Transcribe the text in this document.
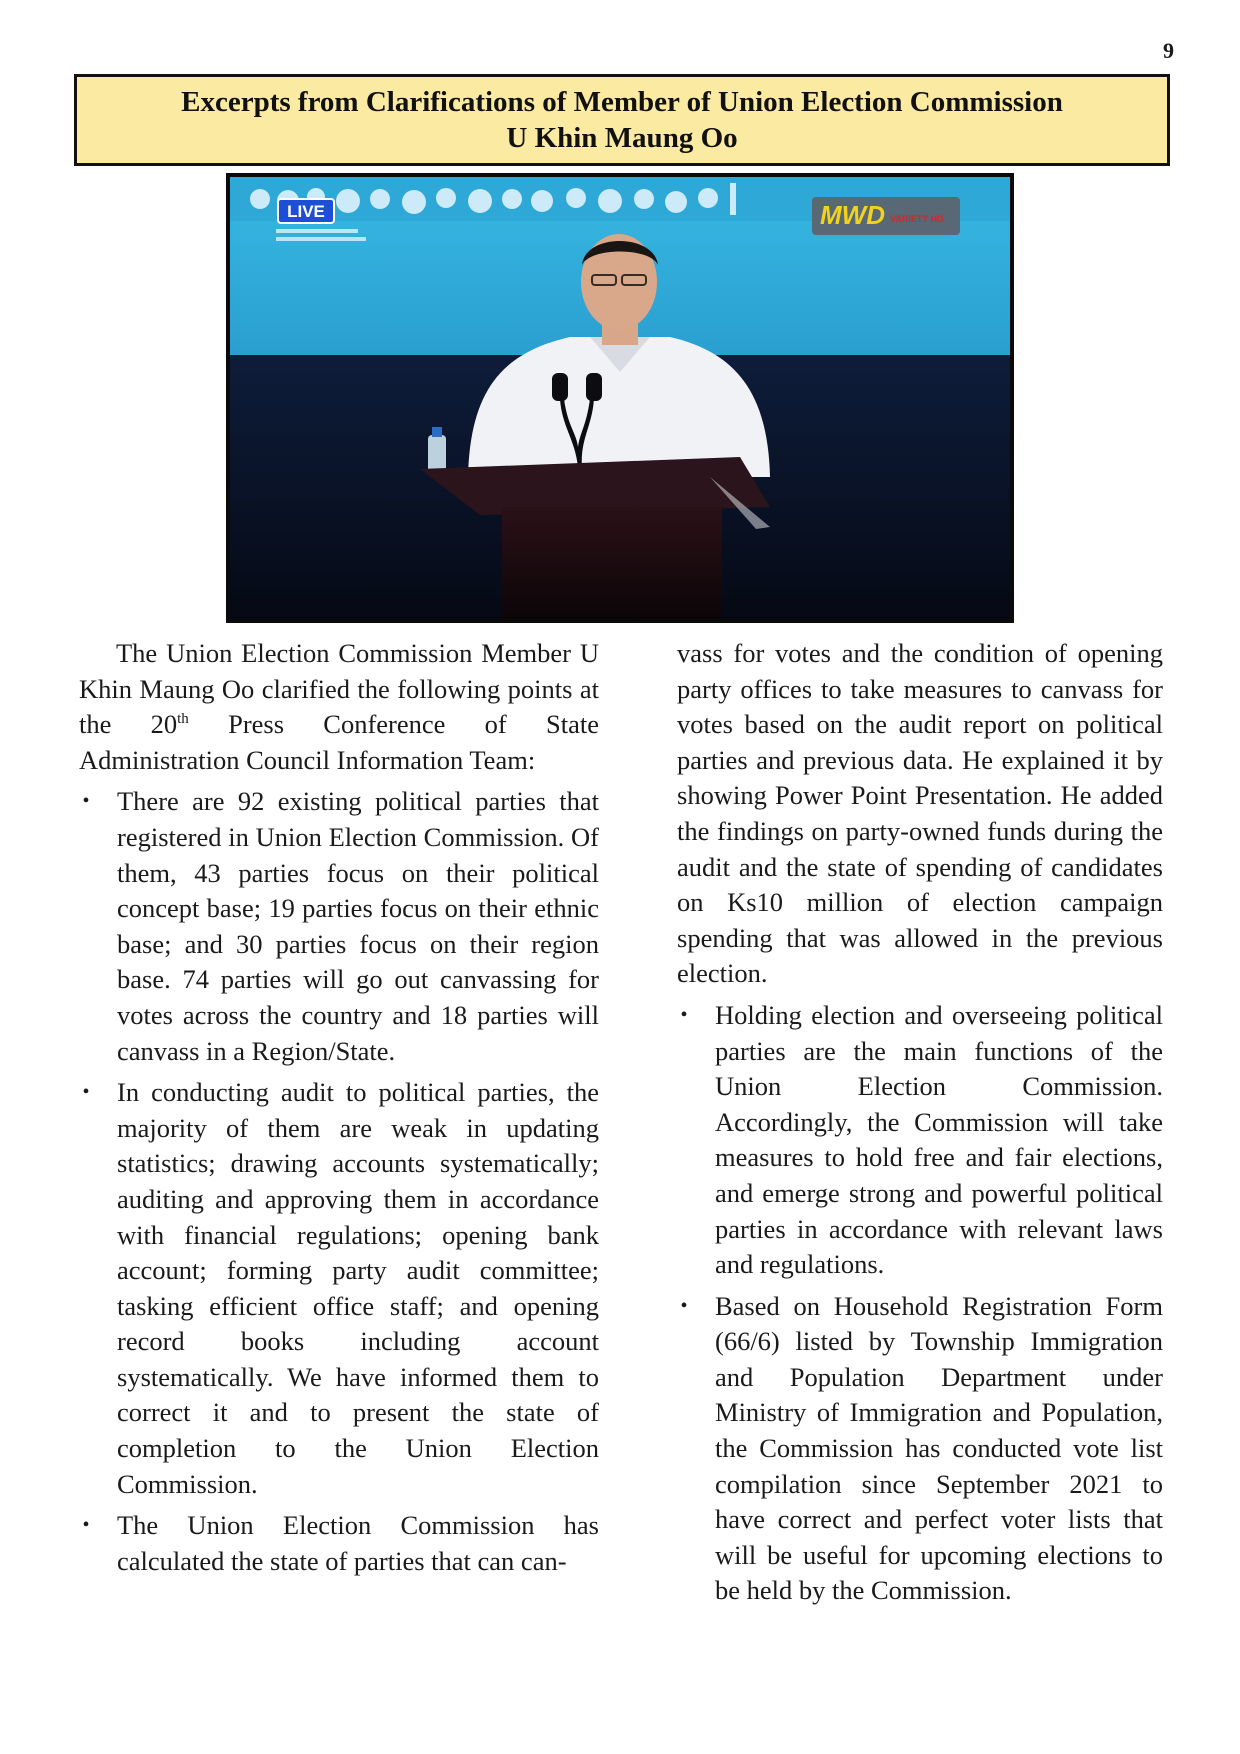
9
Excerpts from Clarifications of Member of Union Election Commission
U Khin Maung Oo
LIVE	MWD VARIETY HD

The Union Election Commission Member U Khin Maung Oo clarified the following points at the 20th Press Conference of State Administration Council Information Team:

• There are 92 existing political parties that registered in Union Election Commission. Of them, 43 parties focus on their political concept base; 19 parties focus on their ethnic base; and 30 parties focus on their region base. 74 parties will go out canvassing for votes across the country and 18 parties will canvass in a Region/State.
• In conducting audit to political parties, the majority of them are weak in updating statistics; drawing accounts systematically; auditing and approving them in accordance with financial regulations; opening bank account; forming party audit committee; tasking efficient office staff; and opening record books including account systematically. We have informed them to correct it and to present the state of completion to the Union Election Commission.
• The Union Election Commission has calculated the state of parties that can can-

vass for votes and the condition of opening party offices to take measures to canvass for votes based on the audit report on political parties and previous data. He explained it by showing Power Point Presentation. He added the findings on party-owned funds during the audit and the state of spending of candidates on Ks10 million of election campaign spending that was allowed in the previous election.

• Holding election and overseeing political parties are the main functions of the Union Election Commission. Accordingly, the Commission will take measures to hold free and fair elections, and emerge strong and powerful political parties in accordance with relevant laws and regulations.
• Based on Household Registration Form (66/6) listed by Township Immigration and Population Department under Ministry of Immigration and Population, the Commission has conducted vote list compilation since September 2021 to have correct and perfect voter lists that will be useful for upcoming elections to be held by the Commission.
